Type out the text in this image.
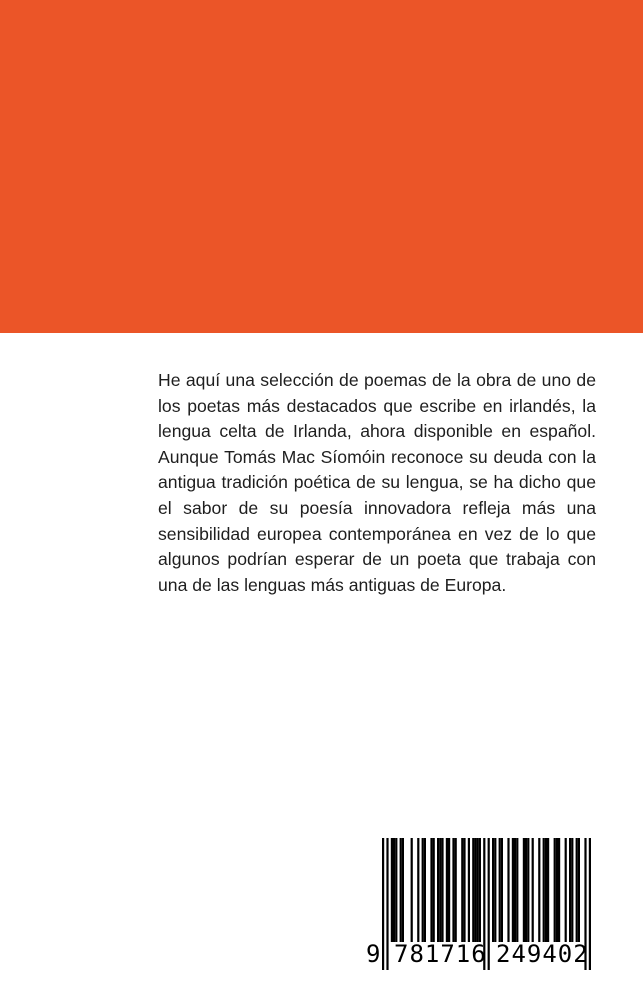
He aquí una selección de poemas de la obra de uno de los poetas más destacados que escribe en irlandés, la lengua celta de Irlanda, ahora disponible en español. Aunque Tomás Mac Síomóin reconoce su deuda con la antigua tradición poética de su lengua, se ha dicho que el sabor de su poesía innovadora refleja más una sensibilidad europea contemporánea en vez de lo que algunos podrían esperar de un poeta que trabaja con una de las lenguas más antiguas de Europa.
9 781716 249402
